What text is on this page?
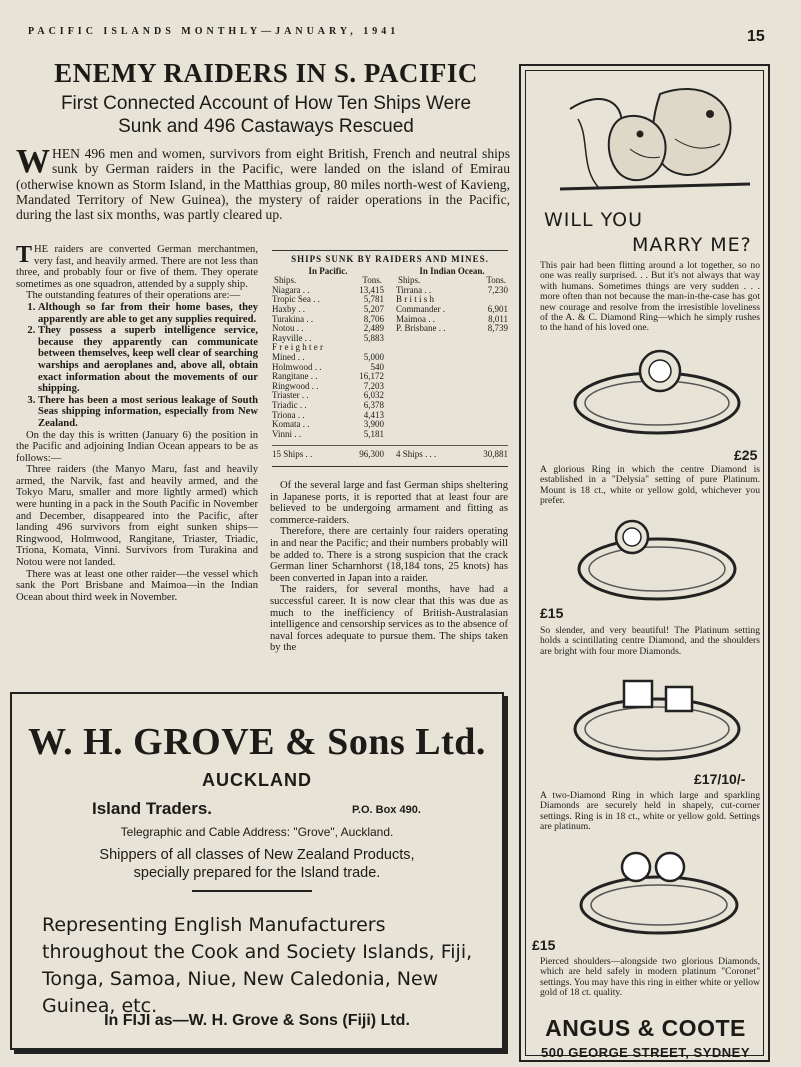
PACIFIC ISLANDS MONTHLY—JANUARY, 1941	15
ENEMY RAIDERS IN S. PACIFIC
First Connected Account of How Ten Ships Were
Sunk and 496 Castaways Rescued
WHEN 496 men and women, survivors from eight British, French and neutral ships sunk by German raiders in the Pacific, were landed on the island of Emirau (otherwise known as Storm Island, in the Matthias group, 80 miles north-west of Kavieng, Mandated Territory of New Guinea), the mystery of raider operations in the Pacific, during the last six months, was partly cleared up.

THE raiders are converted German merchantmen, very fast, and heavily armed. There are not less than three, and probably four or five of them. They operate sometimes as one squadron, attended by a supply ship.

The outstanding features of their operations are:—

1. Although so far from their home bases, they apparently are able to get any supplies required.
2. They possess a superb intelligence service, because they apparently can communicate between themselves, keep well clear of searching warships and aeroplanes and, above all, obtain exact information about the movements of our shipping.
3. There has been a most serious leakage of South Seas shipping information, especially from New Zealand.

On the day this is written (January 6) the position in the Pacific and adjoining Indian Ocean appears to be as follows:—

Three raiders (the Manyo Maru, fast and heavily armed, the Narvik, fast and heavily armed, and the Tokyo Maru, smaller and more lightly armed) which were hunting in a pack in the South Pacific in November and December, disappeared into the Pacific, after landing 496 survivors from eight sunken ships—Ringwood, Holmwood, Rangitane, Triaster, Triadic, Triona, Komata, Vinni. Survivors from Turakina and Notou were not landed.

There was at least one other raider—the vessel which sank the Port Brisbane and Maimoa—in the Indian Ocean about third week in November.

SHIPS SUNK BY RAIDERS AND MINES.
In Pacific.
Ships.	Tons.
Niagara . .	13,415
Tropic Sea . .	5,781
Haxby . .	5,207
Turakina . .	8,706
Notou . .	2,489
Rayville . .	5,883
F r e i g h t e r
Mined . .	5,000
Holmwood . .	540
Rangitane . .	16,172
Ringwood . .	7,203
Triaster . .	6,032
Triadic . .	6,378
Triona . .	4,413
Komata . .	3,900
Vinni . .	5,181
In Indian Ocean.
Ships.	Tons.
Tirrana . .	7,230
B r i t i s h
Commander .	6,901
Maimoa . .	8,011
P. Brisbane . .	8,739
15 Ships . .	96,300 4 Ships . . .	30,881

Of the several large and fast German ships sheltering in Japanese ports, it is reported that at least four are believed to be undergoing armament and fitting as commerce-raiders.

Therefore, there are certainly four raiders operating in and near the Pacific; and their numbers probably will be added to. There is a strong suspicion that the crack German liner Scharnhorst (18,184 tons, 25 knots) has been converted in Japan into a raider.

The raiders, for several months, have had a successful career. It is now clear that this was due as much to the inefficiency of British-Australasian intelligence and censorship services as to the absence of naval forces adequate to pursue them. The ships taken by the

W. H. GROVE & Sons Ltd.
AUCKLAND
Island Traders.	P.O. Box 490.
Telegraphic and Cable Address: "Grove", Auckland.
Shippers of all classes of New Zealand Products, specially prepared for the Island trade.
Representing English Manufacturers throughout the Cook and Society Islands, Fiji, Tonga, Samoa, Niue, New Caledonia, New Guinea, etc.
In FIJI as—W. H. Grove & Sons (Fiji) Ltd.
WILL YOU
MARRY ME?
This pair had been flitting around a lot together, so no one was really surprised. . . But it's not always that way with humans. Sometimes things are very sudden . . . more often than not because the man-in-the-case has got new courage and resolve from the irresistible loveliness of the A. & C. Diamond Ring—which he simply rushes to the hand of his loved one.
£25
A glorious Ring in which the centre Diamond is established in a "Delysia" setting of pure Platinum. Mount is 18 ct., white or yellow gold, whichever you prefer.
£15
So slender, and very beautiful! The Platinum setting holds a scintillating centre Diamond, and the shoulders are bright with four more Diamonds.
£17/10/-
A two-Diamond Ring in which large and sparkling Diamonds are securely held in shapely, cut-corner settings. Ring is in 18 ct., white or yellow gold. Settings are platinum.
£15
Pierced shoulders—alongside two glorious Diamonds, which are held safely in modern platinum "Coronet" settings. You may have this ring in either white or yellow gold of 18 ct. quality.
ANGUS & COOTE
500 GEORGE STREET, SYDNEY
